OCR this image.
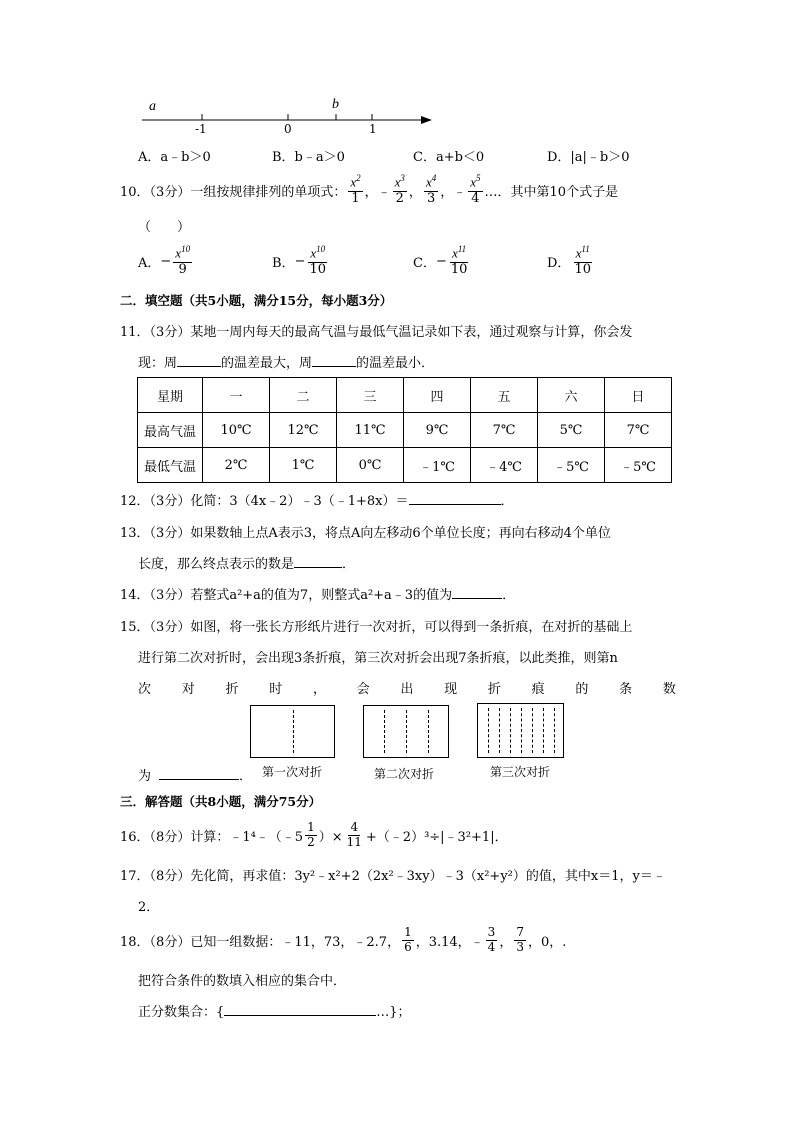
a	b
-1	0	1
A．a﹣b＞0	B．b﹣a＞0	C．a+b＜0	D．|a|﹣b＞0
10．（3分）一组按规律排列的单项式： $\frac{x^2}{1}$ ， ﹣ $\frac{x^3}{2}$ ， $\frac{x^4}{3}$ ， ﹣ $\frac{x^5}{4}$ …．其中第10个式子是
（　　）
A． − $\frac{x^{10}}{9}$	B． − $\frac{x^{10}}{10}$	C． − $\frac{x^{11}}{10}$	D． $\frac{x^{11}}{10}$
二．填空题（共5小题，满分15分，每小题3分）
11．（3分）某地一周内每天的最高气温与最低气温记录如下表，通过观察与计算，你会发
现：周	的温差最大，周	的温差最小．
星期	一	二	三	四	五	六	日
最高气温	10℃	12℃	11℃	9℃	7℃	5℃	7℃
最低气温	2℃	1℃	0℃	﹣1℃	﹣4℃	﹣5℃	﹣5℃
12．（3分）化简：3（4x﹣2）﹣3（﹣1+8x）＝	．
13．（3分）如果数轴上点A表示3，将点A向左移动6个单位长度；再向右移动4个单位
长度，那么终点表示的数是	．
14．（3分）若整式a²+a的值为7，则整式a²+a﹣3的值为	．
15．（3分）如图，将一张长方形纸片进行一次对折，可以得到一条折痕，在对折的基础上
进行第二次对折时，会出现3条折痕，第三次对折会出现7条折痕，以此类推，则第n
次 对 折 时 ， 会 出 现 折 痕 的 条 数
第一次对折	第二次对折	第三次对折
为	．
三．解答题（共8小题，满分75分）
16．（8分）计算：﹣1⁴﹣（﹣5 $\frac{1}{2}$ ）× $\frac{4}{11}$ +（﹣2）³÷|﹣3²+1|．
17．（8分）先化简，再求值：3y²﹣x²+2（2x²﹣3xy）﹣3（x²+y²）的值，其中x＝1，y＝﹣
2．
18．（8分）已知一组数据：﹣11，73，﹣2.7， $\frac{1}{6}$ ，3.14，﹣ $\frac{3}{4}$ ， $\frac{7}{3}$ ，0，.
把符合条件的数填入相应的集合中．
正分数集合：{	…}；
